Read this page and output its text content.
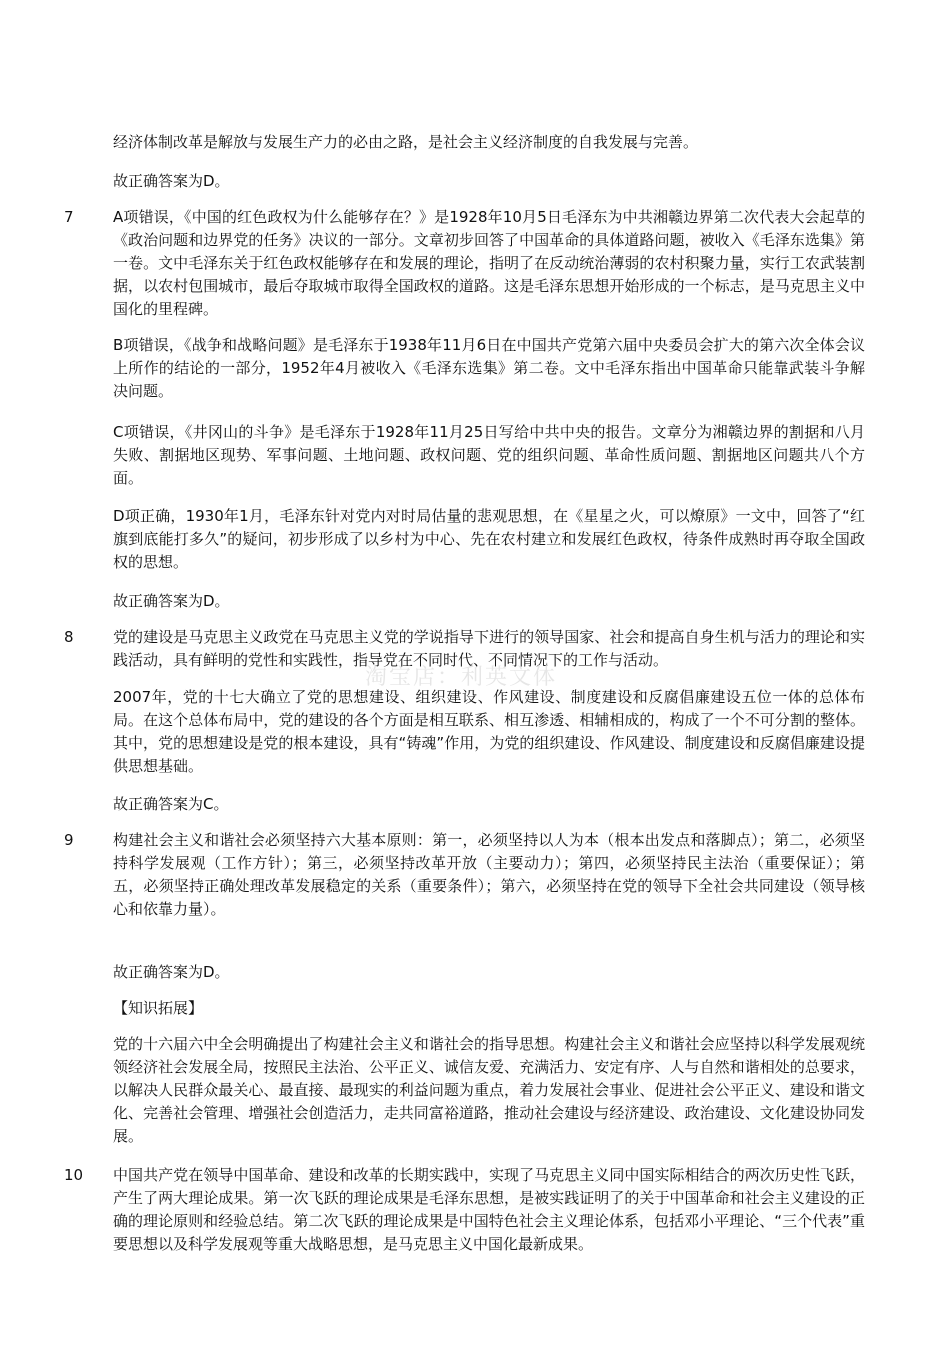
经济体制改革是解放与发展生产力的必由之路，是社会主义经济制度的自我发展与完善。

故正确答案为D。

7	A项错误，《中国的红色政权为什么能够存在？》是1928年10月5日毛泽东为中共湘赣边界第二次代表大会起草的《政治问题和边界党的任务》决议的一部分。文章初步回答了中国革命的具体道路问题，被收入《毛泽东选集》第一卷。文中毛泽东关于红色政权能够存在和发展的理论，指明了在反动统治薄弱的农村积聚力量，实行工农武装割据，以农村包围城市，最后夺取城市取得全国政权的道路。这是毛泽东思想开始形成的一个标志，是马克思主义中国化的里程碑。

B项错误，《战争和战略问题》是毛泽东于1938年11月6日在中国共产党第六届中央委员会扩大的第六次全体会议上所作的结论的一部分，1952年4月被收入《毛泽东选集》第二卷。文中毛泽东指出中国革命只能靠武装斗争解决问题。

C项错误，《井冈山的斗争》是毛泽东于1928年11月25日写给中共中央的报告。文章分为湘赣边界的割据和八月失败、割据地区现势、军事问题、土地问题、政权问题、党的组织问题、革命性质问题、割据地区问题共八个方面。

D项正确，1930年1月，毛泽东针对党内对时局估量的悲观思想，在《星星之火，可以燎原》一文中，回答了“红旗到底能打多久”的疑问，初步形成了以乡村为中心、先在农村建立和发展红色政权，待条件成熟时再夺取全国政权的思想。

故正确答案为D。

8	党的建设是马克思主义政党在马克思主义党的学说指导下进行的领导国家、社会和提高自身生机与活力的理论和实践活动，具有鲜明的党性和实践性，指导党在不同时代、不同情况下的工作与活动。

2007年，党的十七大确立了党的思想建设、组织建设、作风建设、制度建设和反腐倡廉建设五位一体的总体布局。在这个总体布局中，党的建设的各个方面是相互联系、相互渗透、相辅相成的，构成了一个不可分割的整体。其中，党的思想建设是党的根本建设，具有“铸魂”作用，为党的组织建设、作风建设、制度建设和反腐倡廉建设提供思想基础。

故正确答案为C。

9	构建社会主义和谐社会必须坚持六大基本原则：第一，必须坚持以人为本（根本出发点和落脚点）；第二，必须坚持科学发展观（工作方针）；第三，必须坚持改革开放（主要动力）；第四，必须坚持民主法治（重要保证）；第五，必须坚持正确处理改革发展稳定的关系（重要条件）；第六，必须坚持在党的领导下全社会共同建设（领导核心和依靠力量）。

故正确答案为D。

【知识拓展】

党的十六届六中全会明确提出了构建社会主义和谐社会的指导思想。构建社会主义和谐社会应坚持以科学发展观统领经济社会发展全局，按照民主法治、公平正义、诚信友爱、充满活力、安定有序、人与自然和谐相处的总要求，以解决人民群众最关心、最直接、最现实的利益问题为重点，着力发展社会事业、促进社会公平正义、建设和谐文化、完善社会管理、增强社会创造活力，走共同富裕道路，推动社会建设与经济建设、政治建设、文化建设协同发展。

10 中国共产党在领导中国革命、建设和改革的长期实践中，实现了马克思主义同中国实际相结合的两次历史性飞跃，产生了两大理论成果。第一次飞跃的理论成果是毛泽东思想，是被实践证明了的关于中国革命和社会主义建设的正确的理论原则和经验总结。第二次飞跃的理论成果是中国特色社会主义理论体系，包括邓小平理论、“三个代表”重要思想以及科学发展观等重大战略思想，是马克思主义中国化最新成果。

淘宝店：利英文体
